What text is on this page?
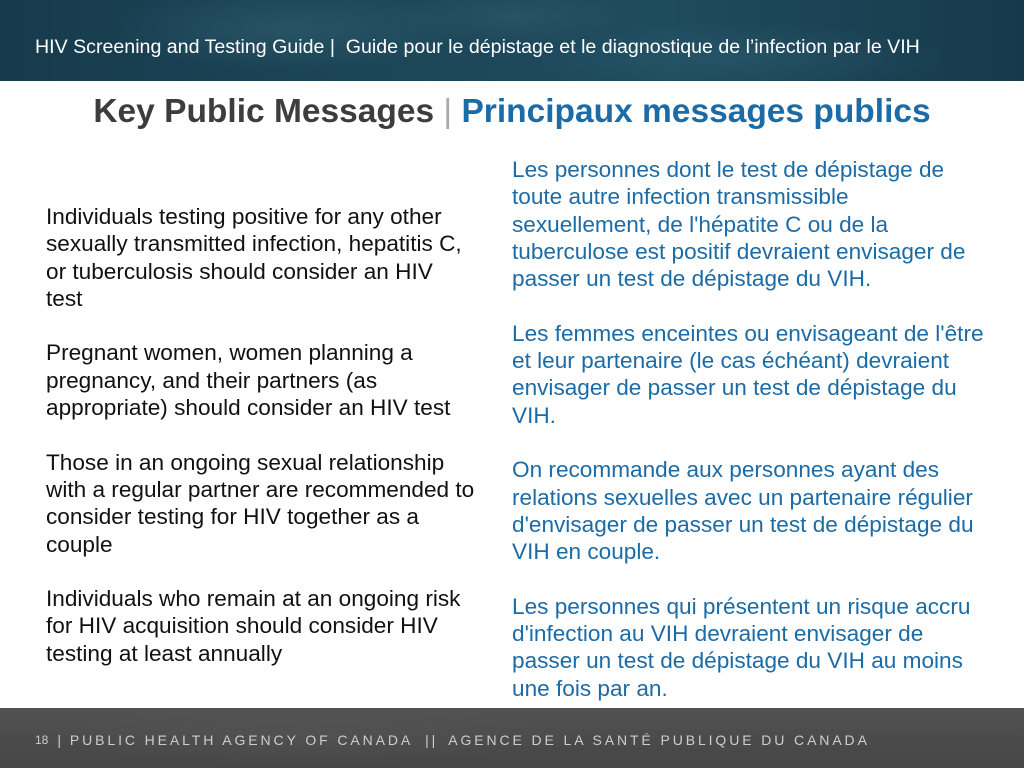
HIV Screening and Testing Guide |  Guide pour le dépistage et le diagnostique de l’infection par le VIH
Key Public Messages | Principaux messages publics
Individuals testing positive for any other
sexually transmitted infection, hepatitis C,
or tuberculosis should consider an HIV
test
Pregnant women, women planning a
pregnancy, and their partners (as
appropriate) should consider an HIV test
Those in an ongoing sexual relationship
with a regular partner are recommended to
consider testing for HIV together as a
couple
Individuals who remain at an ongoing risk
for HIV acquisition should consider HIV
testing at least annually
Les personnes dont le test de dépistage de
toute autre infection transmissible
sexuellement, de l'hépatite C ou de la
tuberculose est positif devraient envisager de
passer un test de dépistage du VIH.
Les femmes enceintes ou envisageant de l'être
et leur partenaire (le cas échéant) devraient
envisager de passer un test de dépistage du
VIH.
On recommande aux personnes ayant des
relations sexuelles avec un partenaire régulier
d'envisager de passer un test de dépistage du
VIH en couple.
Les personnes qui présentent un risque accru
d'infection au VIH devraient envisager de
passer un test de dépistage du VIH au moins
une fois par an.
18 | PUBLIC HEALTH AGENCY OF CANADA || AGENCE DE LA SANTÉ PUBLIQUE DU CANADA
